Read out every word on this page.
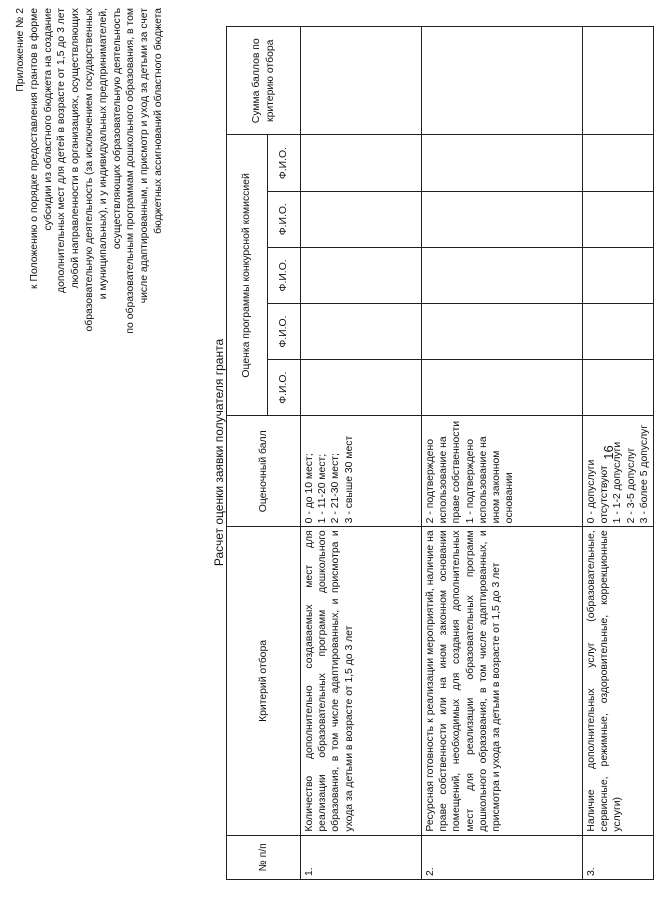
Приложение № 2 к Положению о порядке предоставления грантов в форме субсидии из областного бюджета на создание дополнительных мест для детей в возрасте от 1,5 до 3 лет любой направленности в организациях, осуществляющих образовательную деятельность (за исключением государственных и муниципальных), и у индивидуальных предпринимателей, осуществляющих образовательную деятельность по образовательным программам дошкольного образования, в том числе адаптированным, и присмотр и уход за детьми за счет бюджетных ассигнований областного бюджета
Расчет оценки заявки получателя гранта
№ п/п	Критерий отбора	Оценочный балл	Оценка программы конкурсной комиссией					Сумма баллов по критерию отбора
			Ф.И.О.	Ф.И.О.	Ф.И.О.	Ф.И.О.	Ф.И.О.	
1.	Количество дополнительно создаваемых мест для реализации образовательных программ дошкольного образования, в том числе адаптированных, и присмотра и ухода за детьми в возрасте от 1,5 до 3 лет	0 - до 10 мест; 1 - 11-20 мест; 2 - 21-30 мест; 3 - свыше 30 мест						

2.	Ресурсная готовность к реализации мероприятий, наличие на праве собственности или на ином законном основании помещений, необходимых для создания дополнительных мест для реализации образовательных программ дошкольного образования, в том числе адаптированных, и присмотра и ухода за детьми в возрасте от 1,5 до 3 лет	2 - подтверждено использование на праве собственности 1 - подтверждено использование на ином законном основании						

3.	Наличие дополнительных услуг (образовательные, сервисные, режимные, оздоровительные, коррекционные услуги)	0 - допуслуги отсутствуют 1 - 1-2 допуслуги 2 - 3-5 допуслуг 3 - более 5 допуслуг						

16
